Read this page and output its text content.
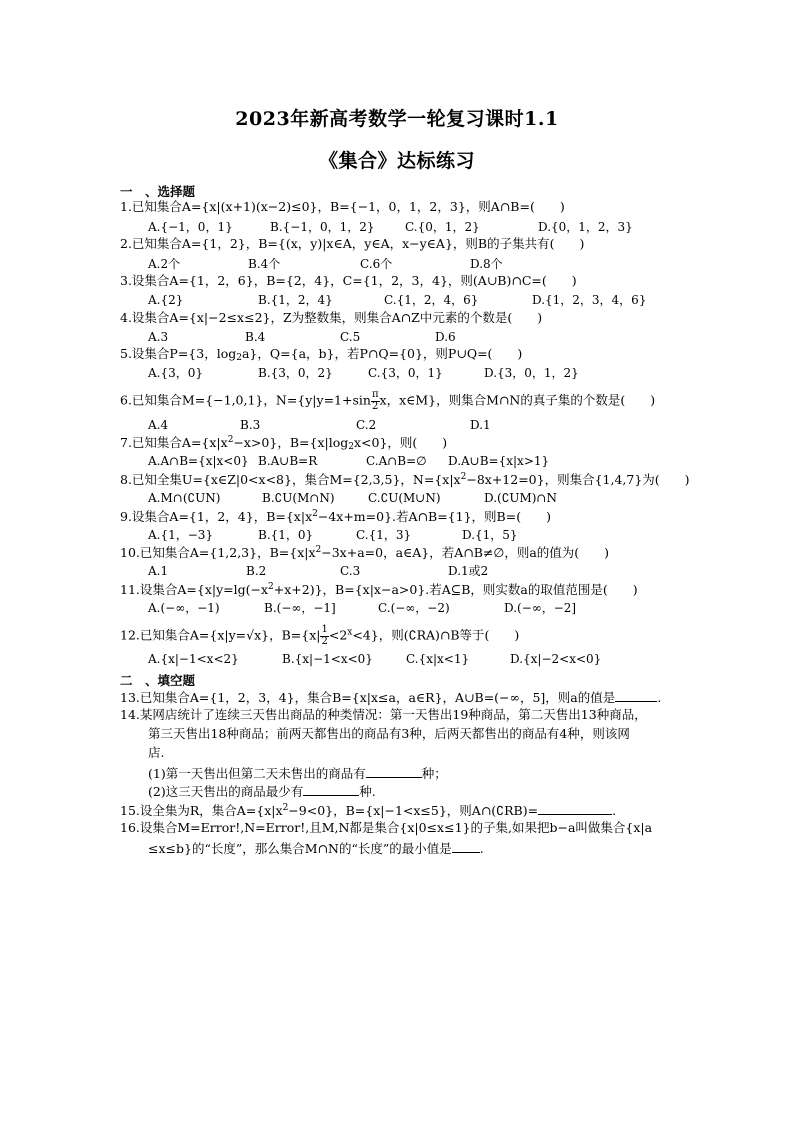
2023年新高考数学一轮复习课时1.1
《集合》达标练习
一　、选择题
1.已知集合A={x|(x+1)(x−2)≤0}，B={−1，0，1，2，3}，则A∩B=(　　)
A.{−1，0，1}	B.{−1，0，1，2}	C.{0，1，2}	D.{0，1，2，3}
2.已知集合A={1，2}，B={(x，y)|x∈A，y∈A，x−y∈A}，则B的子集共有(　　)
A.2个	B.4个	C.6个	D.8个
3.设集合A={1，2，6}，B={2，4}，C={1，2，3，4}，则(A∪B)∩C=(　　)
A.{2}	B.{1，2，4}	C.{1，2，4，6}	D.{1，2，3，4，6}
4.设集合A={x|−2≤x≤2}，Z为整数集，则集合A∩Z中元素的个数是(　　)
A.3	B.4	C.5	D.6
5.设集合P={3，$\log_2a$}，Q={a，b}，若P∩Q={0}，则P∪Q=(　　)
A.{3，0}	B.{3，0，2}	C.{3，0，1}	D.{3，0，1，2}
6.已知集合M={−1,0,1}，$N=\{y|y=1+\sin \frac{\pi}{2}$ x，x∈M}，则集合M∩N的真子集的个数是(　　)
A.4	B.3	C.2	D.1
7.已知集合$A=\{x|x^2-x>0\}$，$B=\{x|\log_2x<0\}$，则(　　)
A.A∩B={x|x<0} B.A∪B=R	C.A∩B=∅ D.A∪B={x|x>1}
8.已知全集U={x∈Z|0<x<8}，集合M={2,3,5}，$N=\{x|x^2-8x+12=0\}$，则集合{1,4,7}为(　　)
A.M∩(∁UN)	B.∁U(M∩N)	C.∁U(M∪N)	D.(∁UM)∩N
9.设集合A={1，2，4}，$B=\{x|x^2-4x+m=0\}$.若A∩B={1}，则B=(　　)
A.{1，−3}	B.{1，0}	C.{1，3}	D.{1，5}
10.已知集合A={1,2,3}，$B=\{x|x^2-3x+a=0$，a∈A}，若A∩B≠∅，则a的值为(　　)
A.1	B.2	C.3	D.1或2
11.设集合$A=\{x|y=\lg(-x^2+x+2)\}$，B={x|x−a>0}.若A⊆B，则实数a的取值范围是(　　)
A.(−∞，−1)	B.(−∞，−1]	C.(−∞，−2)	D.(−∞，−2]
12.已知集合A={x|y=√x}，$B=\{x| \frac{1}{2} <2^x<4\}$，则(∁RA)∩B等于(　　)
A.{x|−1<x<2}	B.{x|−1<x<0}	C.{x|x<1}	D.{x|−2<x<0}
二　、填空题
13.已知集合A={1，2，3，4}，集合B={x|x≤a，a∈R}，A∪B=(−∞，5]，则a的值是	.
14.某网店统计了连续三天售出商品的种类情况：第一天售出19种商品，第二天售出13种商品，
第三天售出18种商品；前两天都售出的商品有3种，后两天都售出的商品有4种，则该网
店.
(1)第一天售出但第二天未售出的商品有	种；
(2)这三天售出的商品最少有	种.
15.设全集为R，集合$A=\{x|x^2-9<0\}$，B={x|−1<x≤5}，则A∩(∁RB)=	.
16.设集合M=Error!,N=Error!,且M,N都是集合{x|0≤x≤1}的子集,如果把b−a叫做集合{x|a
≤x≤b}的“长度”，那么集合M∩N的“长度”的最小值是 .
